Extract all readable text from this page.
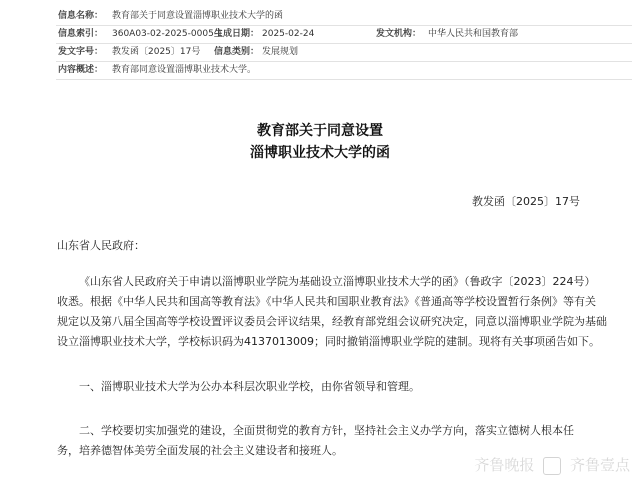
信息名称： 教育部关于同意设置淄博职业技术大学的函
信息索引： 360A03-02-2025-0005-1
生成日期： 2025-02-24	发文机构： 中华人民共和国教育部
发文字号： 教发函〔2025〕17号 信息类别： 发展规划
内容概述： 教育部同意设置淄博职业技术大学。
教育部关于同意设置
淄博职业技术大学的函
教发函〔2025〕17号
山东省人民政府：
《山东省人民政府关于申请以淄博职业学院为基础设立淄博职业技术大学的函》（鲁政字〔2023〕224号）
收悉。根据《中华人民共和国高等教育法》《中华人民共和国职业教育法》《普通高等学校设置暂行条例》等有关
规定以及第八届全国高等学校设置评议委员会评议结果，经教育部党组会议研究决定，同意以淄博职业学院为基础
设立淄博职业技术大学，学校标识码为4137013009；同时撤销淄博职业学院的建制。现将有关事项函告如下。
一、淄博职业技术大学为公办本科层次职业学校，由你省领导和管理。
二、学校要切实加强党的建设，全面贯彻党的教育方针，坚持社会主义办学方向，落实立德树人根本任
务，培养德智体美劳全面发展的社会主义建设者和接班人。
齐鲁晚报 齐鲁壹点
